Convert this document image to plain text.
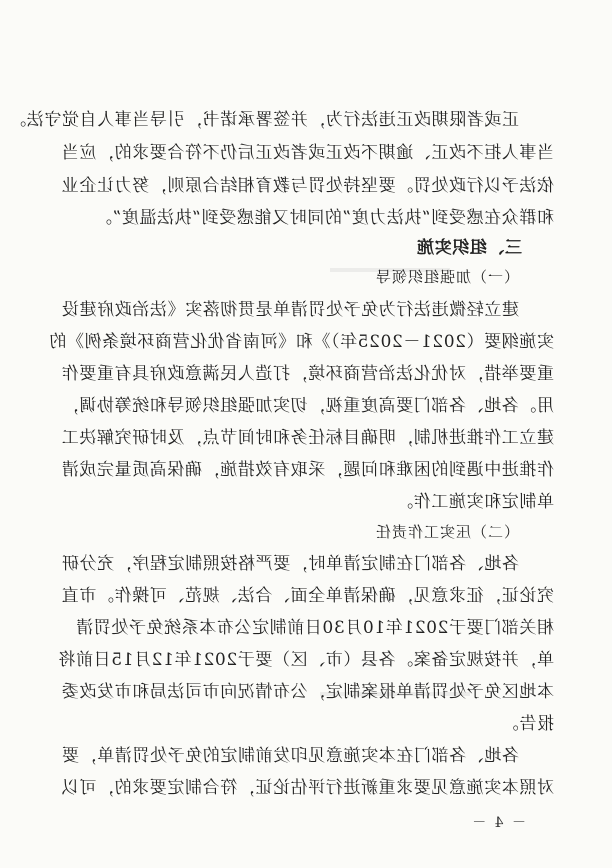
正或者限期改正违法行为，并签署承诺书，引导当事人自觉守法。
当事人拒不改正、逾期不改正或者改正后仍不符合要求的，应当
依法予以行政处罚。要坚持处罚与教育相结合原则，努力让企业
和群众在感受到“执法力度”的同时又能感受到“执法温度”。
三、组织实施
（一）加强组织领导
建立轻微违法行为免予处罚清单是贯彻落实《法治政府建设
实施纲要（2021－2025年）》和《河南省优化营商环境条例》的
重要举措，对优化法治营商环境，打造人民满意政府具有重要作
用。各地、各部门要高度重视，切实加强组织领导和统筹协调，
建立工作推进机制，明确目标任务和时间节点，及时研究解决工
作推进中遇到的困难和问题，采取有效措施，确保高质量完成清
单制定和实施工作。
（二）压实工作责任
各地、各部门在制定清单时，要严格按照制定程序，充分研
究论证，征求意见，确保清单全面、合法、规范、可操作。市直
相关部门要于2021年10月30日前制定公布本系统免予处罚清
单，并按规定备案。各县（市、区）要于2021年12月15日前将
本地区免予处罚清单报案制定，公布情况向市司法局和市发改委
报告。
各地、各部门在本实施意见印发前制定的免予处罚清单，要
对照本实施意见要求重新进行评估论证，符合制定要求的，可以
－ 4 －
